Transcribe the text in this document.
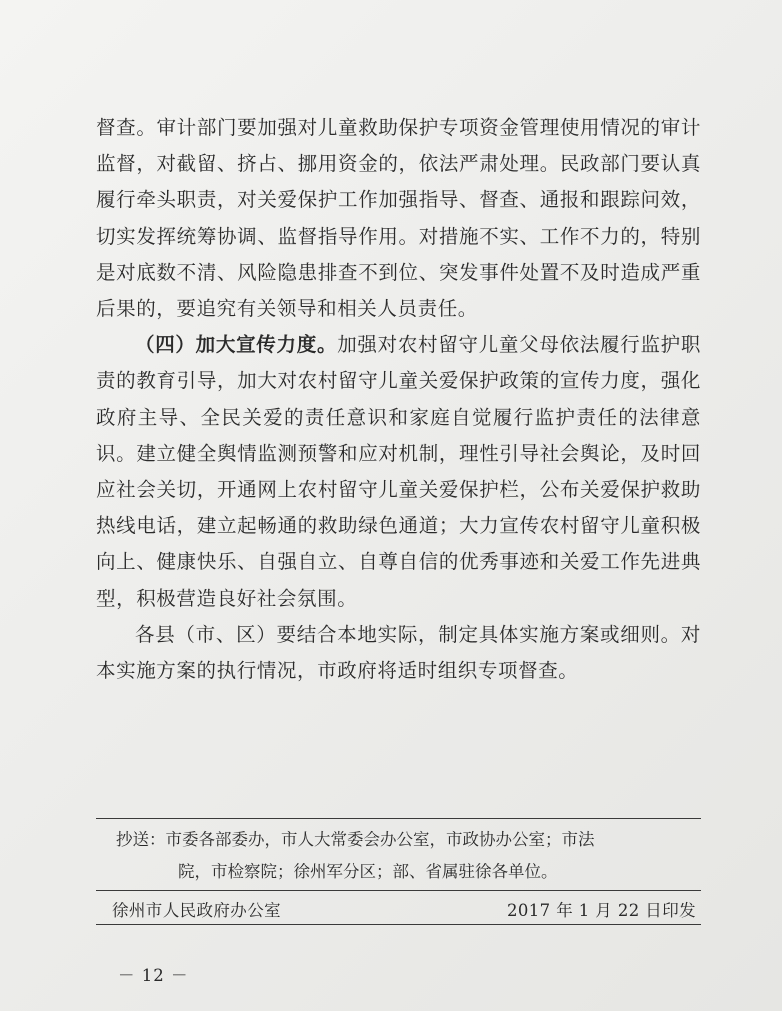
督查。审计部门要加强对儿童救助保护专项资金管理使用情况的审计监督，对截留、挤占、挪用资金的，依法严肃处理。民政部门要认真履行牵头职责，对关爱保护工作加强指导、督查、通报和跟踪问效，切实发挥统筹协调、监督指导作用。对措施不实、工作不力的，特别是对底数不清、风险隐患排查不到位、突发事件处置不及时造成严重后果的，要追究有关领导和相关人员责任。

（四）加大宣传力度。加强对农村留守儿童父母依法履行监护职责的教育引导，加大对农村留守儿童关爱保护政策的宣传力度，强化政府主导、全民关爱的责任意识和家庭自觉履行监护责任的法律意识。建立健全舆情监测预警和应对机制，理性引导社会舆论，及时回应社会关切，开通网上农村留守儿童关爱保护栏，公布关爱保护救助热线电话，建立起畅通的救助绿色通道；大力宣传农村留守儿童积极向上、健康快乐、自强自立、自尊自信的优秀事迹和关爱工作先进典型，积极营造良好社会氛围。

各县（市、区）要结合本地实际，制定具体实施方案或细则。对本实施方案的执行情况，市政府将适时组织专项督查。

抄送：市委各部委办，市人大常委会办公室，市政协办公室；市法
院，市检察院；徐州军分区；部、省属驻徐各单位。
徐州市人民政府办公室	2017 年 1 月 22 日印发
－ 12 －
